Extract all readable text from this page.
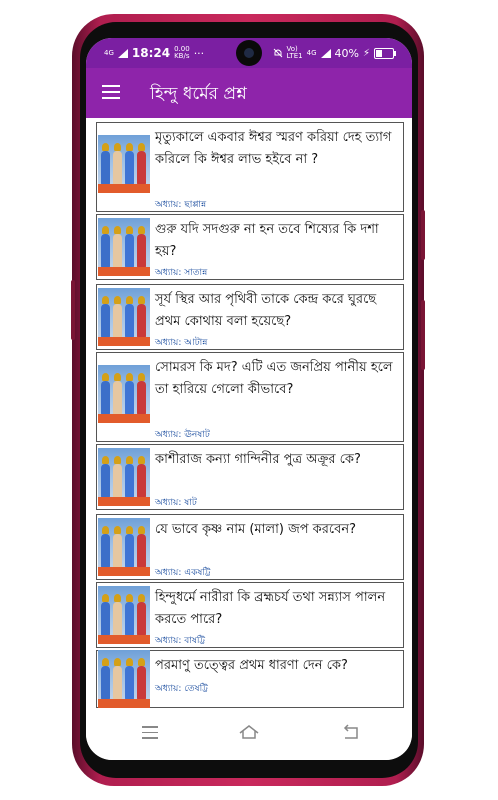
4G 18:24 0.00
KB/s ···	Vo)
LTE1 4G 40% ⚡
হিন্দু ধর্মের প্রশ্ন
মৃত্যুকালে একবার ঈশ্বর স্মরণ করিয়া দেহ ত্যাগ করিলে কি ঈশ্বর লাভ হইবে না ?
অধ্যায়: ছাপ্পান্ন
গুরু যদি সদগুরু না হন তবে শিষ্যের কি দশা হয়?
অধ্যায়: সাতান্ন
সূর্য স্থির আর পৃথিবী তাকে কেন্দ্র করে ঘুরছে প্রথম কোথায় বলা হয়েছে?
অধ্যায়: আটান্ন
সোমরস কি মদ? এটি এত জনপ্রিয় পানীয় হলে তা হারিয়ে গেলো কীভাবে?
অধ্যায়: ঊনষাট
কাশীরাজ কন্যা গান্দিনীর পুত্র অক্রূর কে?
অধ্যায়: ষাট
যে ভাবে কৃষ্ণ নাম (মালা) জপ করবেন?
অধ্যায়: একষট্টি
হিন্দুধর্মে নারীরা কি ব্রহ্মচর্য তথা সন্ন্যাস পালন করতে পারে?
অধ্যায়: বাষট্টি
পরমাণু তত্ত্বের প্রথম ধারণা দেন কে?
অধ্যায়: তেষট্টি
